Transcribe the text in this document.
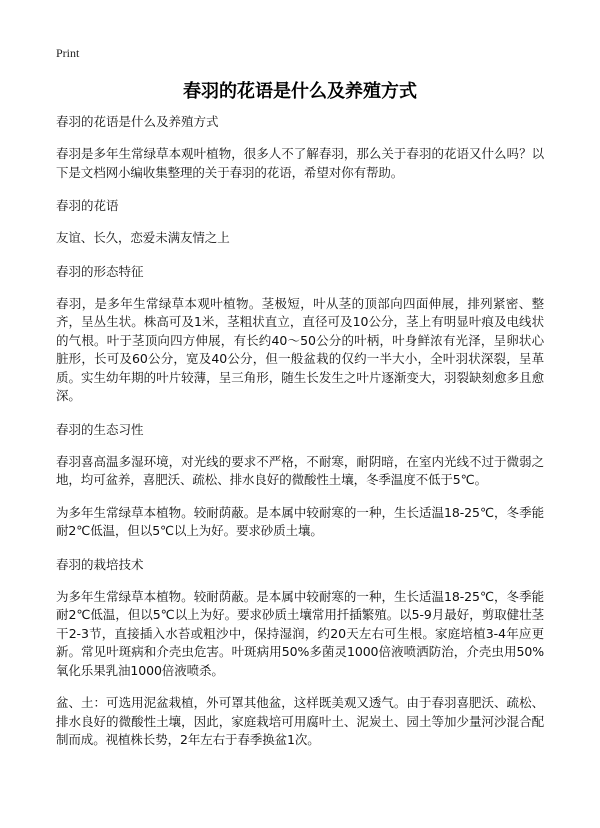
Print
春羽的花语是什么及养殖方式
春羽的花语是什么及养殖方式
春羽是多年生常绿草本观叶植物，很多人不了解春羽，那么关于春羽的花语又什么吗？以下是文档网小编收集整理的关于春羽的花语，希望对你有帮助。
春羽的花语
友谊、长久，恋爱未满友情之上
春羽的形态特征
春羽，是多年生常绿草本观叶植物。茎极短，叶从茎的顶部向四面伸展，排列紧密、整齐，呈丛生状。株高可及1米，茎粗状直立，直径可及10公分，茎上有明显叶痕及电线状的气根。叶于茎顶向四方伸展，有长约40～50公分的叶柄，叶身鲜浓有光泽，呈卵状心脏形，长可及60公分，宽及40公分，但一般盆栽的仅约一半大小，全叶羽状深裂，呈革质。实生幼年期的叶片较薄，呈三角形，随生长发生之叶片逐渐变大，羽裂缺刻愈多且愈深。
春羽的生态习性
春羽喜高温多湿环境，对光线的要求不严格，不耐寒，耐阴暗，在室内光线不过于微弱之地，均可盆养，喜肥沃、疏松、排水良好的微酸性土壤，冬季温度不低于5℃。
为多年生常绿草本植物。较耐荫蔽。是本属中较耐寒的一种，生长适温18-25℃，冬季能耐2℃低温，但以5℃以上为好。要求砂质土壤。
春羽的栽培技术
为多年生常绿草本植物。较耐荫蔽。是本属中较耐寒的一种，生长适温18-25℃，冬季能耐2℃低温，但以5℃以上为好。要求砂质土壤常用扦插繁殖。以5-9月最好，剪取健壮茎干2-3节，直接插入水苔或粗沙中，保持湿润，约20天左右可生根。家庭培植3-4年应更新。常见叶斑病和介壳虫危害。叶斑病用50%多菌灵1000倍液喷洒防治，介壳虫用50%氧化乐果乳油1000倍液喷杀。
盆、土：可选用泥盆栽植，外可罩其他盆，这样既美观又透气。由于春羽喜肥沃、疏松、排水良好的微酸性土壤，因此，家庭栽培可用腐叶土、泥炭土、园土等加少量河沙混合配制而成。视植株长势，2年左右于春季换盆1次。
